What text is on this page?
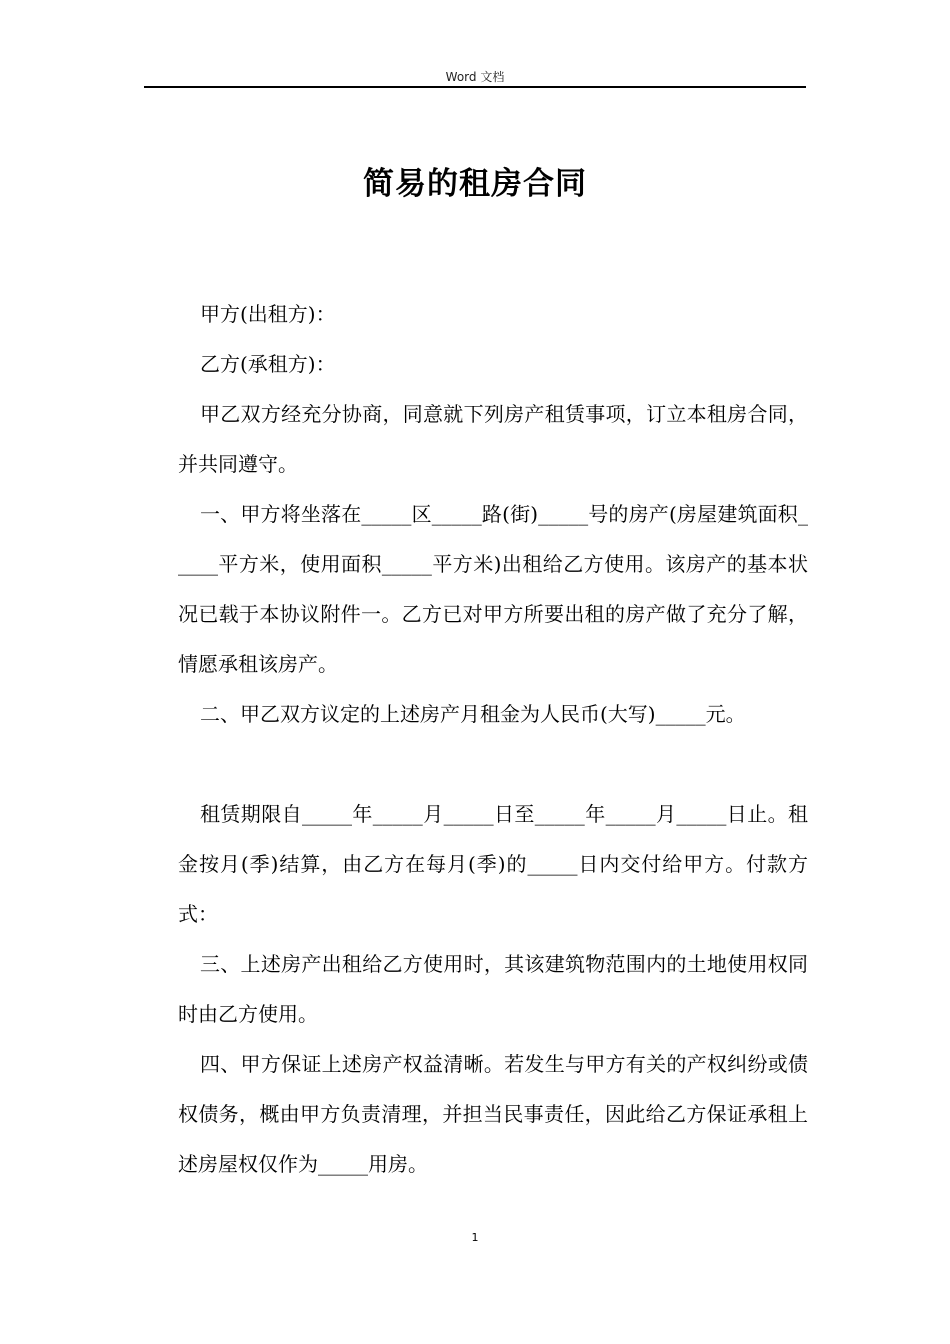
Word 文档
简易的租房合同

甲方(出租方)：

乙方(承租方)：

甲乙双方经充分协商，同意就下列房产租赁事项，订立本租房合同，并共同遵守。

一、甲方将坐落在_____区_____路(街)_____号的房产(房屋建筑面积_____平方米，使用面积_____平方米)出租给乙方使用。该房产的基本状况已载于本协议附件一。乙方已对甲方所要出租的房产做了充分了解，情愿承租该房产。

二、甲乙双方议定的上述房产月租金为人民币(大写)_____元。

租赁期限自_____年_____月_____日至_____年_____月_____日止。租金按月(季)结算，由乙方在每月(季)的_____日内交付给甲方。付款方式：

三、上述房产出租给乙方使用时，其该建筑物范围内的土地使用权同时由乙方使用。

四、甲方保证上述房产权益清晰。若发生与甲方有关的产权纠纷或债权债务，概由甲方负责清理，并担当民事责任，因此给乙方保证承租上述房屋权仅作为_____用房。

1
